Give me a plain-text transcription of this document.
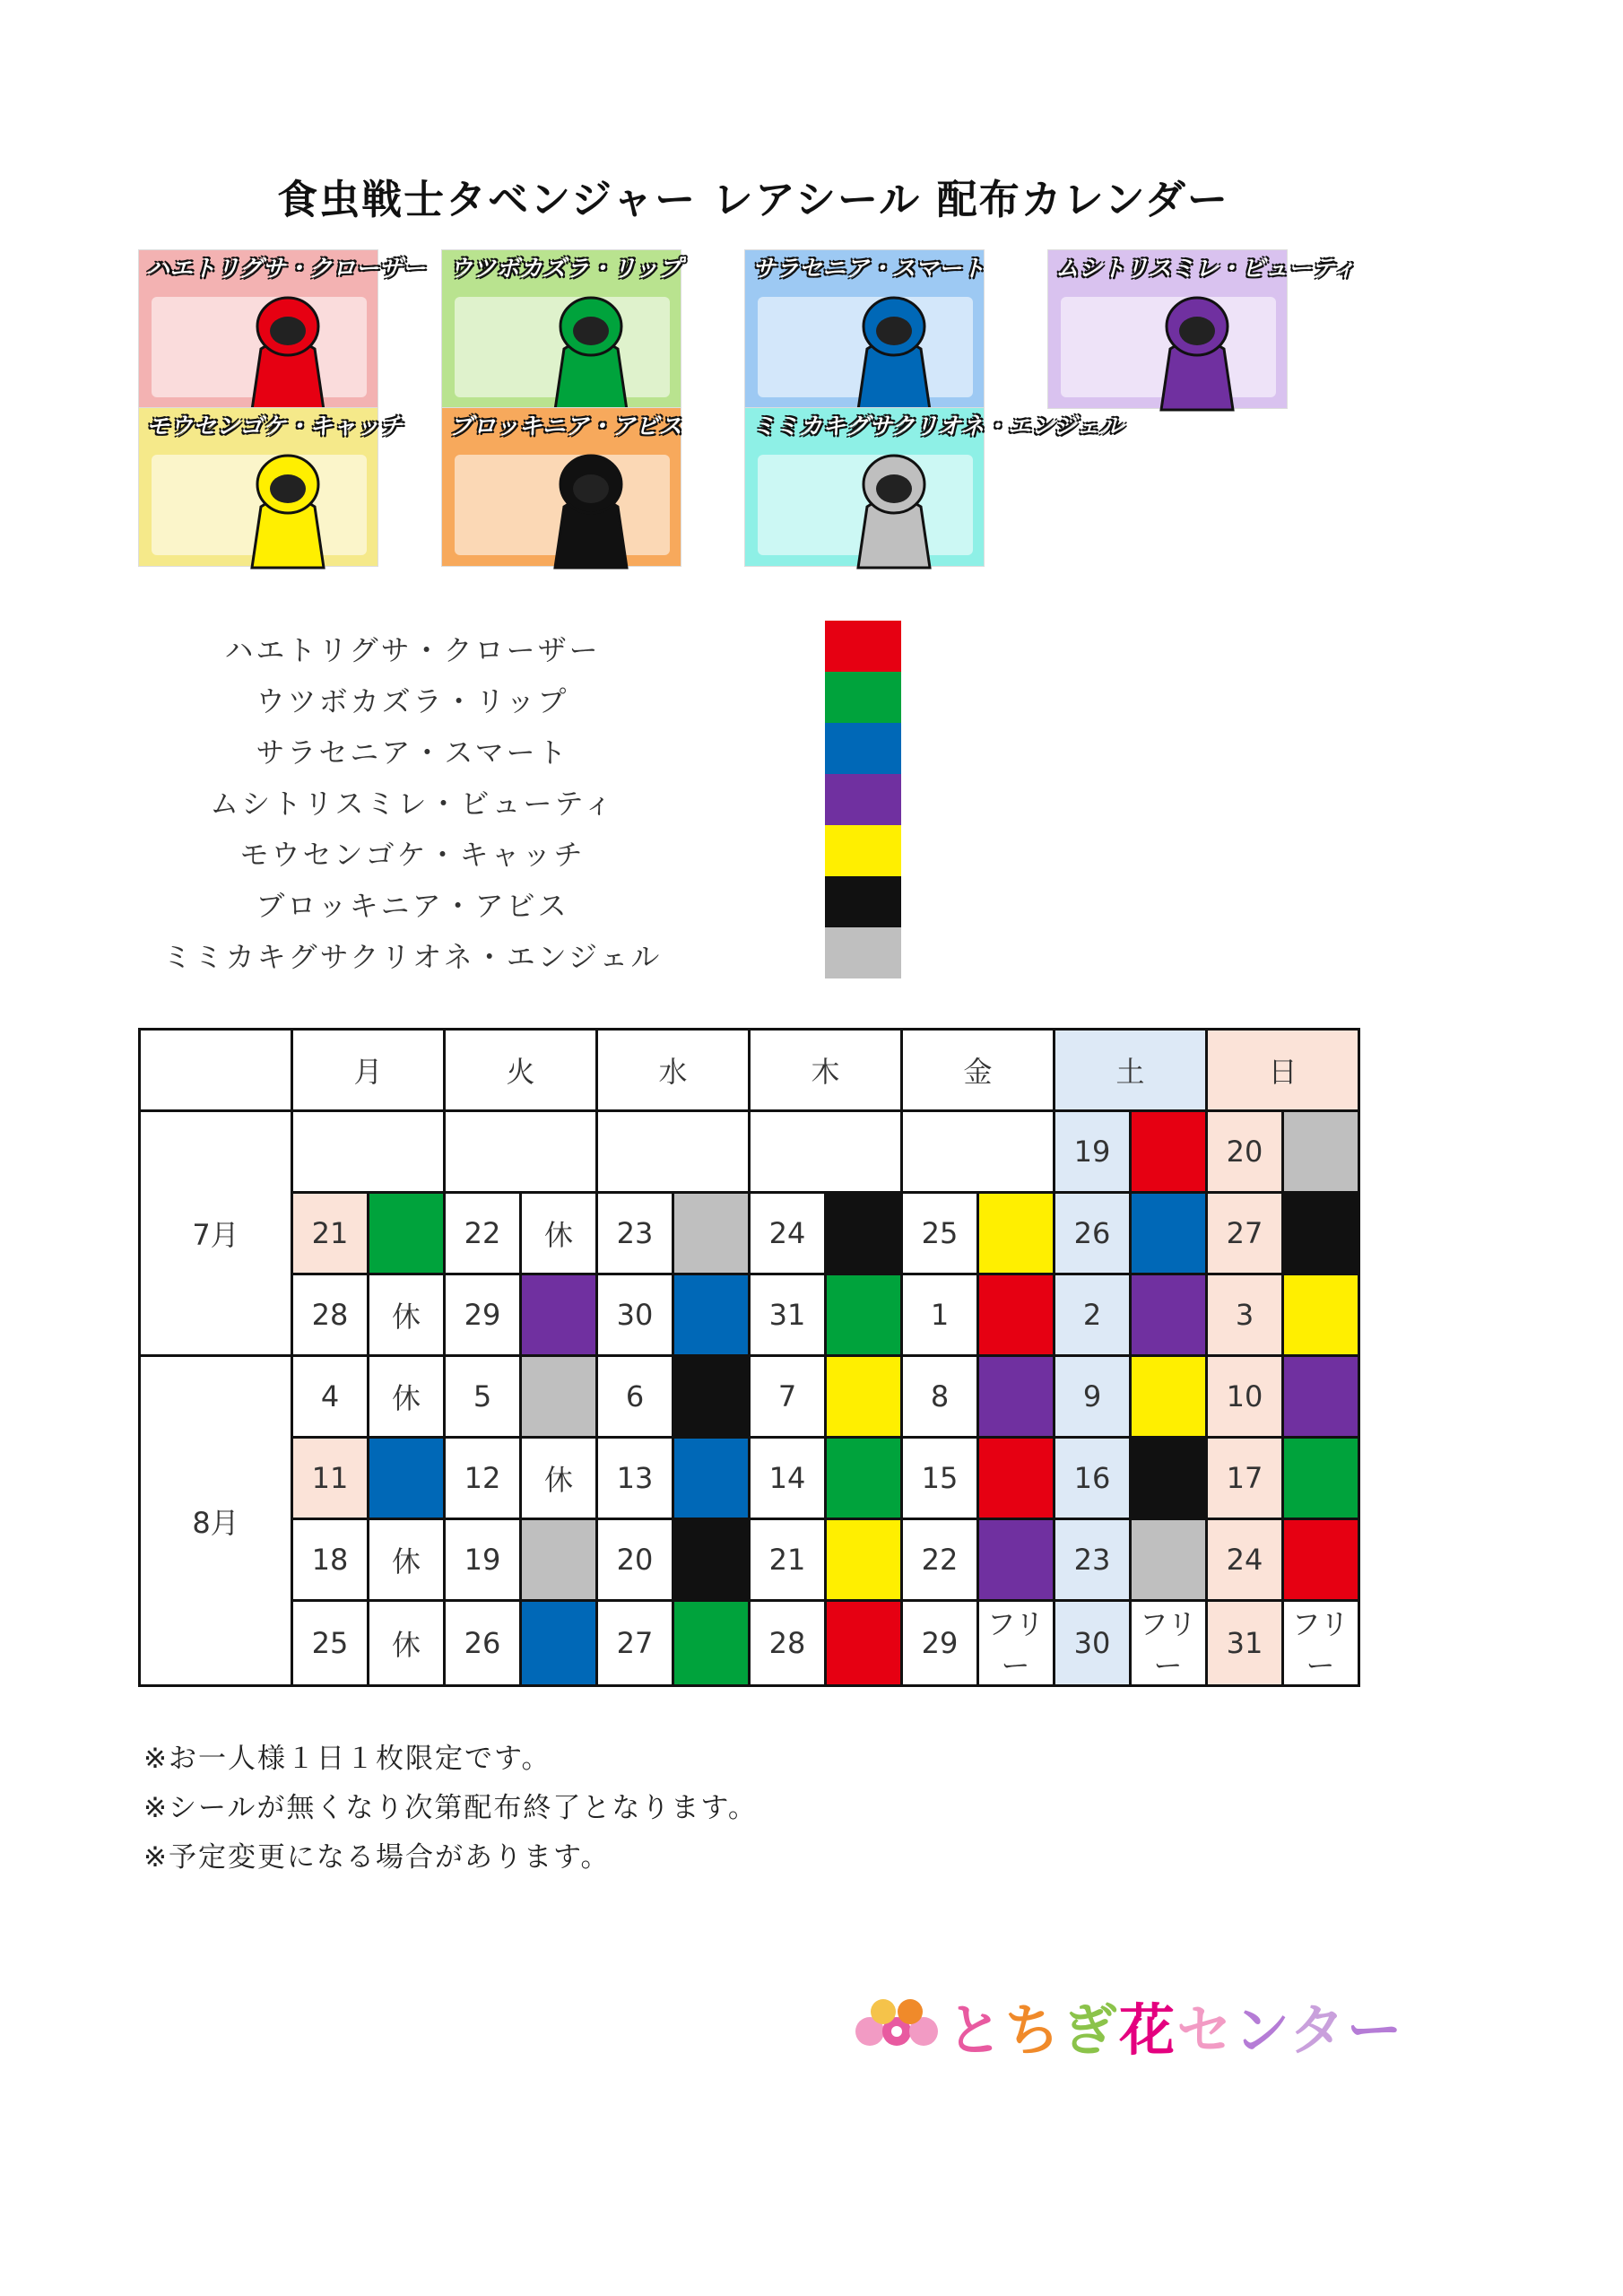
食虫戦士タベンジャー レアシール 配布カレンダー
ハエトリグサ・クローザー	ウツボカズラ・リップ	サラセニア・スマート	ムシトリスミレ・ビューティ
モウセンゴケ・キャッチ	ブロッキニア・アビス	ミミカキグサクリオネ・エンジェル
ハエトリグサ・クローザー
ウツボカズラ・リップ
サラセニア・スマート
ムシトリスミレ・ビューティ
モウセンゴケ・キャッチ
ブロッキニア・アビス
ミミカキグサクリオネ・エンジェル
	月		火		水		木		金		土		日	
7月											19		20	
	21		22	休	23		24		25		26		27	
	28	休	29		30		31		1		2		3	
8月	4	休	5		6		7		8		9		10	
	11		12	休	13		14		15		16		17	
	18	休	19		20		21		22		23		24	
	25	休	26		27		28		29	フリー	30	フリー	31	フリー
※お一人様１日１枚限定です。
※シールが無くなり次第配布終了となります。
※予定変更になる場合があります。
とちぎ花センター
